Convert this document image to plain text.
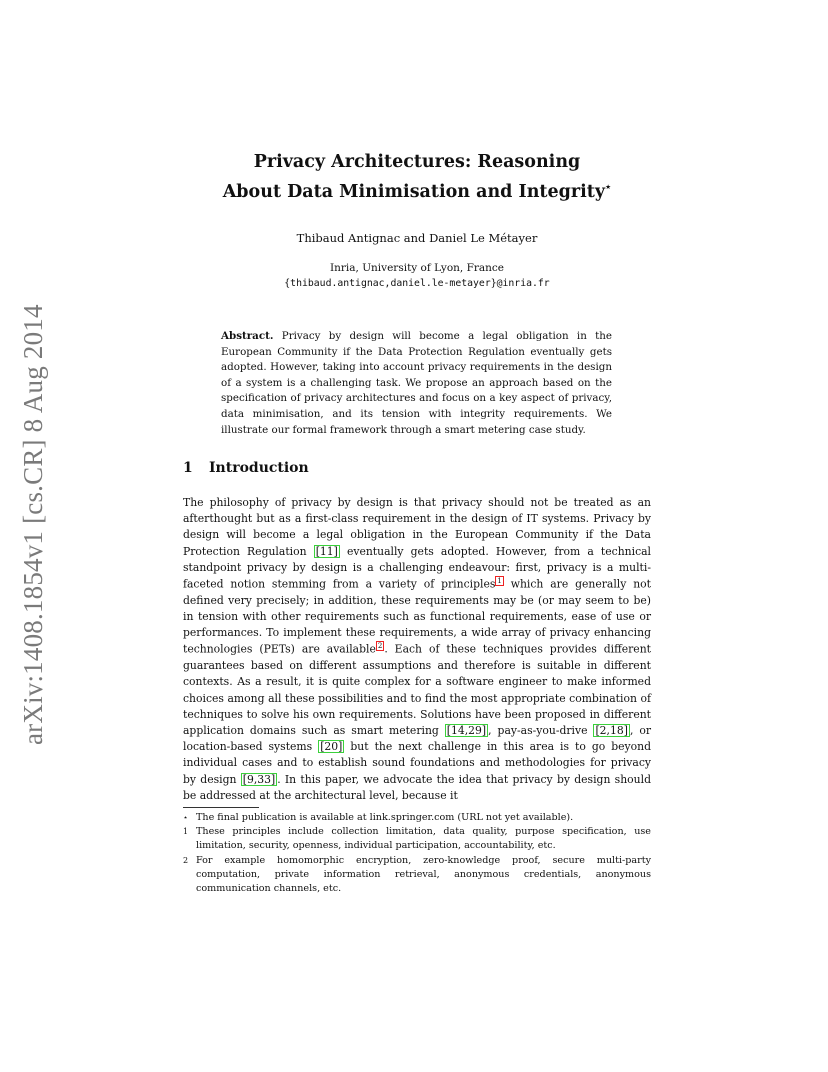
arXiv:1408.1854v1 [cs.CR] 8 Aug 2014
Privacy Architectures: Reasoning
About Data Minimisation and Integrity⋆
Thibaud Antignac and Daniel Le Métayer
Inria, University of Lyon, France
{thibaud.antignac,daniel.le-metayer}@inria.fr
Abstract. Privacy by design will become a legal obligation in the European Community if the Data Protection Regulation eventually gets adopted. However, taking into account privacy requirements in the design of a system is a challenging task. We propose an approach based on the specification of privacy architectures and focus on a key aspect of privacy, data minimisation, and its tension with integrity requirements. We illustrate our formal framework through a smart metering case study.
1 Introduction
The philosophy of privacy by design is that privacy should not be treated as an afterthought but as a first-class requirement in the design of IT systems. Privacy by design will become a legal obligation in the European Community if the Data Protection Regulation [11] eventually gets adopted. However, from a technical standpoint privacy by design is a challenging endeavour: first, privacy is a multi-faceted notion stemming from a variety of principles 1 which are generally not defined very precisely; in addition, these requirements may be (or may seem to be) in tension with other requirements such as functional requirements, ease of use or performances. To implement these requirements, a wide array of privacy enhancing technologies (PETs) are available 2 . Each of these techniques provides different guarantees based on different assumptions and therefore is suitable in different contexts. As a result, it is quite complex for a software engineer to make informed choices among all these possibilities and to find the most appropriate combination of techniques to solve his own requirements. Solutions have been proposed in different application domains such as smart metering [14,29] , pay-as-you-drive [2,18] , or location-based systems [20] but the next challenge in this area is to go beyond individual cases and to establish sound foundations and methodologies for privacy by design [9,33] . In this paper, we advocate the idea that privacy by design should be addressed at the architectural level, because it
⋆ The final publication is available at link.springer.com (URL not yet available).
1 These principles include collection limitation, data quality, purpose specification, use limitation, security, openness, individual participation, accountability, etc.
2 For example homomorphic encryption, zero-knowledge proof, secure multi-party computation, private information retrieval, anonymous credentials, anonymous communication channels, etc.
